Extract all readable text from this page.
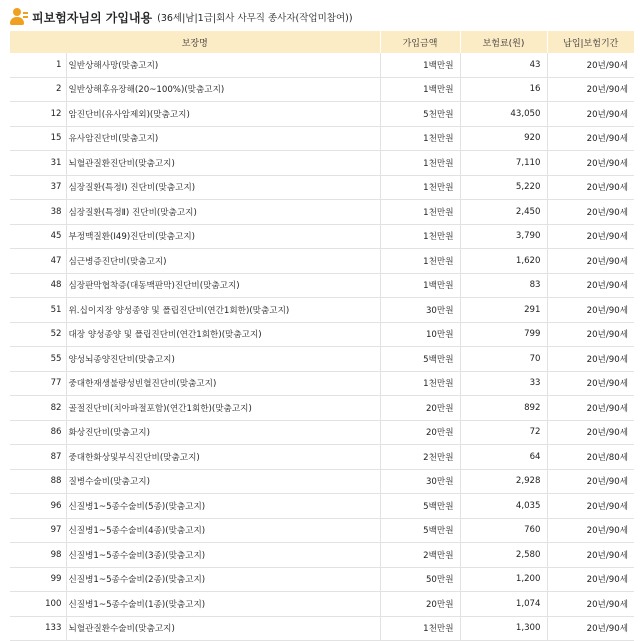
피보험자님의 가입내용 (36세|남|1급|회사 사무직 종사자(작업미참여))
보장명		가입금액	보험료(원)	납입|보험기간
1	일반상해사망(맞춤고지)	1백만원	43	20년/90세
2	일반상해후유장해(20~100%)(맞춤고지)	1백만원	16	20년/90세
12	암진단비(유사암제외)(맞춤고지)	5천만원	43,050	20년/90세
15	유사암진단비(맞춤고지)	1천만원	920	20년/90세
31	뇌혈관질환진단비(맞춤고지)	1천만원	7,110	20년/90세
37	심장질환(특정Ⅰ) 진단비(맞춤고지)	1천만원	5,220	20년/90세
38	심장질환(특정Ⅱ) 진단비(맞춤고지)	1천만원	2,450	20년/90세
45	부정맥질환(Ⅰ49)진단비(맞춤고지)	1천만원	3,790	20년/90세
47	심근병증진단비(맞춤고지)	1천만원	1,620	20년/90세
48	심장판막협착증(대동맥판막)진단비(맞춤고지)	1백만원	83	20년/90세
51	위.십이지장 양성종양 및 폴립진단비(연간1회한)(맞춤고지)	30만원	291	20년/90세
52	대장 양성종양 및 폴립진단비(연간1회한)(맞춤고지)	10만원	799	20년/90세
55	양성뇌종양진단비(맞춤고지)	5백만원	70	20년/90세
77	중대한재생불량성빈혈진단비(맞춤고지)	1천만원	33	20년/90세
82	골절진단비(치아파절포함)(연간1회한)(맞춤고지)	20만원	892	20년/90세
86	화상진단비(맞춤고지)	20만원	72	20년/90세
87	중대한화상및부식진단비(맞춤고지)	2천만원	64	20년/80세
88	질병수술비(맞춤고지)	30만원	2,928	20년/90세
96	신질병1~5종수술비(5종)(맞춤고지)	5백만원	4,035	20년/90세
97	신질병1~5종수술비(4종)(맞춤고지)	5백만원	760	20년/90세
98	신질병1~5종수술비(3종)(맞춤고지)	2백만원	2,580	20년/90세
99	신질병1~5종수술비(2종)(맞춤고지)	50만원	1,200	20년/90세
100	신질병1~5종수술비(1종)(맞춤고지)	20만원	1,074	20년/90세
133	뇌혈관질환수술비(맞춤고지)	1천만원	1,300	20년/90세
